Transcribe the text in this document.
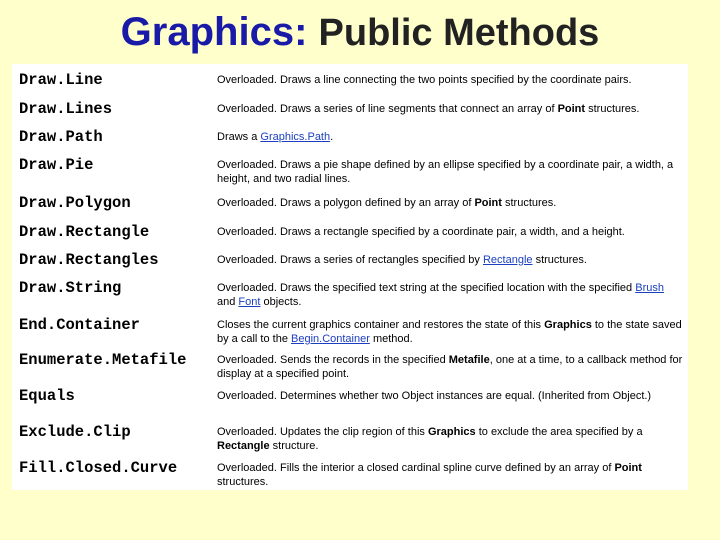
Graphics: Public Methods
Draw.Line	Overloaded. Draws a line connecting the two points specified by the coordinate pairs.
Draw.Lines	Overloaded. Draws a series of line segments that connect an array of Point structures.
Draw.Path	Draws a Graphics.Path.
Draw.Pie	Overloaded. Draws a pie shape defined by an ellipse specified by a coordinate pair, a width, a height, and two radial lines.
Draw.Polygon	Overloaded. Draws a polygon defined by an array of Point structures.
Draw.Rectangle	Overloaded. Draws a rectangle specified by a coordinate pair, a width, and a height.
Draw.Rectangles	Overloaded. Draws a series of rectangles specified by Rectangle structures.
Draw.String	Overloaded. Draws the specified text string at the specified location with the specified Brush and Font objects.
End.Container	Closes the current graphics container and restores the state of this Graphics to the state saved by a call to the Begin.Container method.
Enumerate.Metafile	Overloaded. Sends the records in the specified Metafile, one at a time, to a callback method for display at a specified point.
Equals	Overloaded. Determines whether two Object instances are equal. (Inherited from Object.)
Exclude.Clip	Overloaded. Updates the clip region of this Graphics to exclude the area specified by a Rectangle structure.
Fill.Closed.Curve	Overloaded. Fills the interior a closed cardinal spline curve defined by an array of Point structures.
